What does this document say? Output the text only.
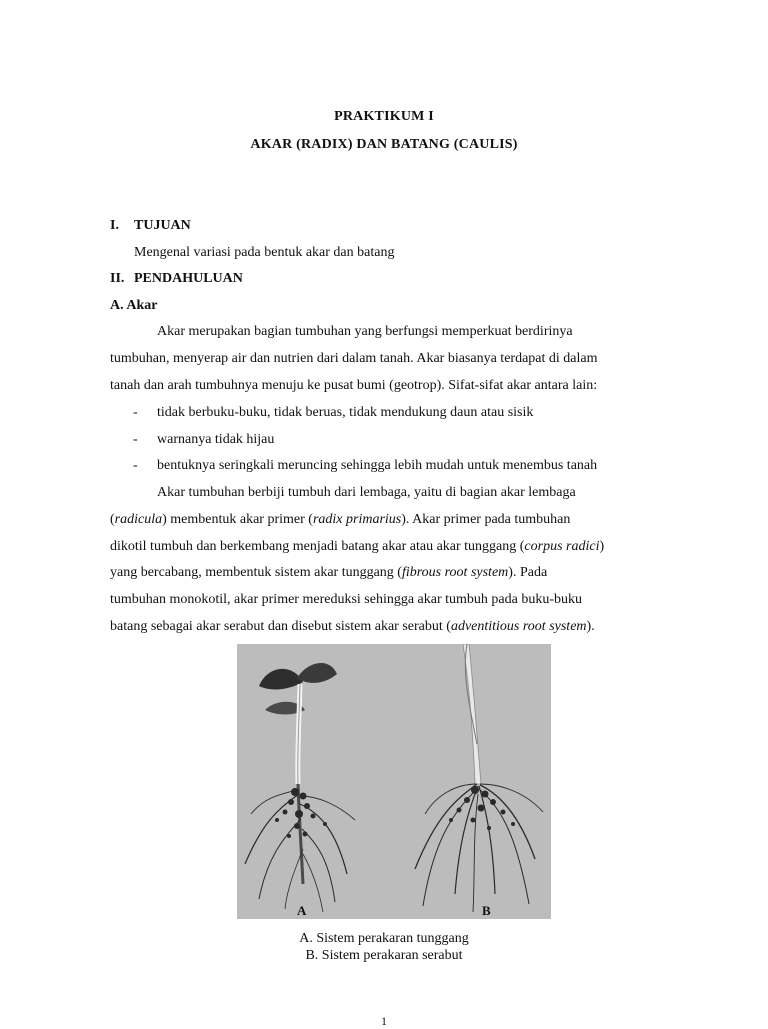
PRAKTIKUM I
AKAR (RADIX) DAN BATANG (CAULIS)
I. TUJUAN
Mengenal variasi pada bentuk akar dan batang
II. PENDAHULUAN
A. Akar
Akar merupakan bagian tumbuhan yang berfungsi memperkuat berdirinya
tumbuhan, menyerap air dan nutrien dari dalam tanah. Akar biasanya terdapat di dalam
tanah dan arah tumbuhnya menuju ke pusat bumi (geotrop). Sifat-sifat akar antara lain:
- tidak berbuku-buku, tidak beruas, tidak mendukung daun atau sisik
- warnanya tidak hijau
- bentuknya seringkali meruncing sehingga lebih mudah untuk menembus tanah
Akar tumbuhan berbiji tumbuh dari lembaga, yaitu di bagian akar lembaga
(radicula) membentuk akar primer (radix primarius). Akar primer pada tumbuhan
dikotil tumbuh dan berkembang menjadi batang akar atau akar tunggang (corpus radici)
yang bercabang, membentuk sistem akar tunggang (fibrous root system). Pada
tumbuhan monokotil, akar primer mereduksi sehingga akar tumbuh pada buku-buku
batang sebagai akar serabut dan disebut sistem akar serabut (adventitious root system).
A	B
A. Sistem perakaran tunggang
B. Sistem perakaran serabut
1
